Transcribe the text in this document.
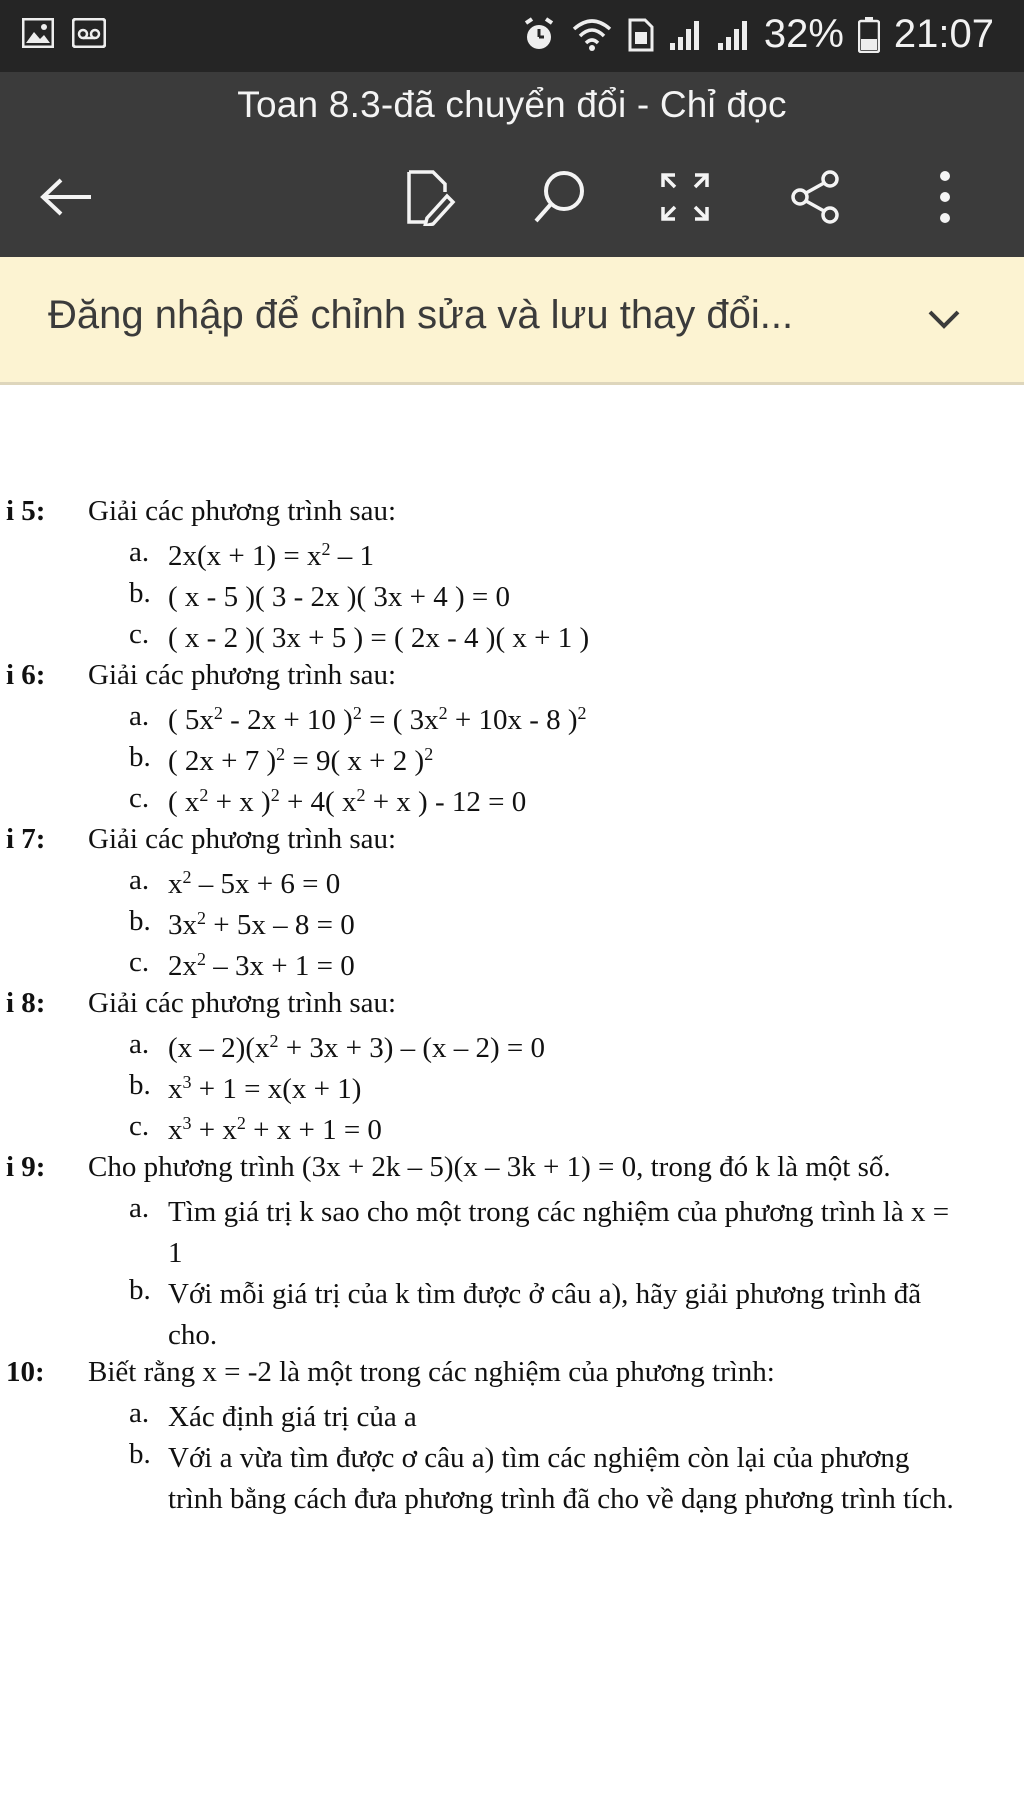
32% 21:07
Toan 8.3-đã chuyển đổi - Chỉ đọc
Đăng nhập để chỉnh sửa và lưu thay đổi...
i 5:	Giải các phương trình sau:
a. $2x(x + 1) = x^2 - 1$
b. ( x - 5 )( 3 - 2x )( 3x + 4 ) = 0
c. ( x - 2 )( 3x + 5 ) = ( 2x - 4 )( x + 1 )
i 6:	Giải các phương trình sau:
a. ( $5x^2 - 2x + 10$ )$^2$ = ( $3x^2 + 10x - 8$ )$^2$
b. ( 2x + 7 )$^2$ = 9( x + 2 )$^2$
c. ( $x^2 + x$ )$^2$ + 4( $x^2 + x$ ) - 12 = 0
i 7:	Giải các phương trình sau:
a. $x^2 - 5x + 6 = 0$
b. $3x^2 + 5x - 8 = 0$
c. $2x^2 - 3x + 1 = 0$
i 8:	Giải các phương trình sau:
a. $(x - 2)(x^2 + 3x + 3) - (x - 2) = 0$
b. $x^3 + 1 = x(x + 1)$
c. $x^3 + x^2 + x + 1 = 0$
i 9:	Cho phương trình (3x + 2k – 5)(x – 3k + 1) = 0, trong đó k là một số.
a. Tìm giá trị k sao cho một trong các nghiệm của phương trình là x = 1
b. Với mỗi giá trị của k tìm được ở câu a), hãy giải phương trình đã cho.
10:	Biết rằng x = -2 là một trong các nghiệm của phương trình:
a. Xác định giá trị của a
b. Với a vừa tìm được ơ câu a) tìm các nghiệm còn lại của phương trình bằng cách đưa phương trình đã cho về dạng phương trình tích.
